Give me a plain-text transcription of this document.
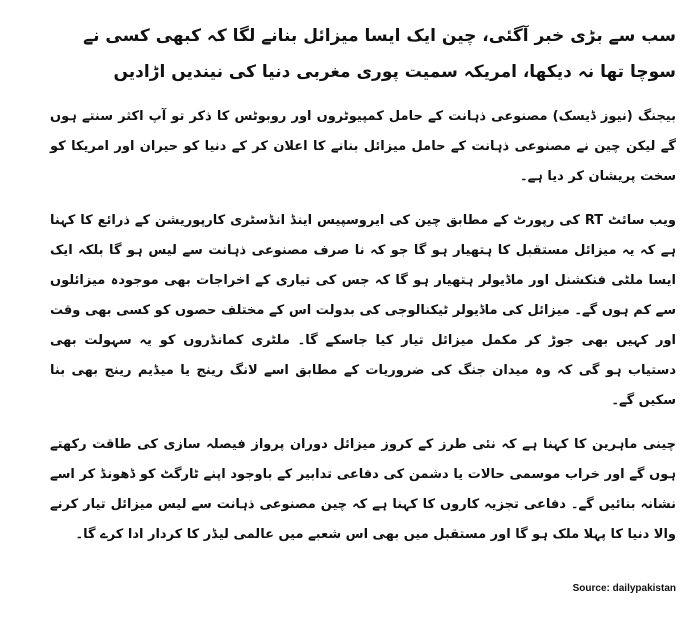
سب سے بڑی خبر آگئی، چین ایک ایسا میزائل بنانے لگا کہ کبھی کسی نے سوچا تھا نہ دیکھا، امریکہ سمیت پوری مغربی دنیا کی نیندیں اڑادیں
بیجنگ (نیوز ڈیسک) مصنوعی ذہانت کے حامل کمپیوٹروں اور روبوٹس کا ذکر تو آپ اکثر سنتے ہوں گے لیکن چین نے مصنوعی ذہانت کے حامل میزائل بنانے کا اعلان کر کے دنیا کو حیران اور امریکا کو سخت پریشان کر دیا ہے۔
ویب سائٹ RT کی رپورٹ کے مطابق چین کی ایروسپیس اینڈ انڈسٹری کارپوریشن کے ذرائع کا کہنا ہے کہ یہ میزائل مستقبل کا ہتھیار ہو گا جو کہ نا صرف مصنوعی ذہانت سے لیس ہو گا بلکہ ایک ایسا ملٹی فنکشنل اور ماڈیولر ہتھیار ہو گا کہ جس کی تیاری کے اخراجات بھی موجودہ میزائلوں سے کم ہوں گے۔ میزائل کی ماڈیولر ٹیکنالوجی کی بدولت اس کے مختلف حصوں کو کسی بھی وقت اور کہیں بھی جوڑ کر مکمل میزائل تیار کیا جاسکے گا۔ ملٹری کمانڈروں کو یہ سہولت بھی دستیاب ہو گی کہ وہ میدان جنگ کی ضروریات کے مطابق اسے لانگ رینج یا میڈیم رینج بھی بنا سکیں گے۔
چینی ماہرین کا کہنا ہے کہ نئی طرز کے کروز میزائل دوران پرواز فیصلہ سازی کی طاقت رکھتے ہوں گے اور خراب موسمی حالات یا دشمن کی دفاعی تدابیر کے باوجود اپنے ٹارگٹ کو ڈھونڈ کر اسے نشانہ بنائیں گے۔ دفاعی تجزیہ کاروں کا کہنا ہے کہ چین مصنوعی ذہانت سے لیس میزائل تیار کرنے والا دنیا کا پہلا ملک ہو گا اور مستقبل میں بھی اس شعبے میں عالمی لیڈر کا کردار ادا کرے گا۔
Source: dailypakistan
